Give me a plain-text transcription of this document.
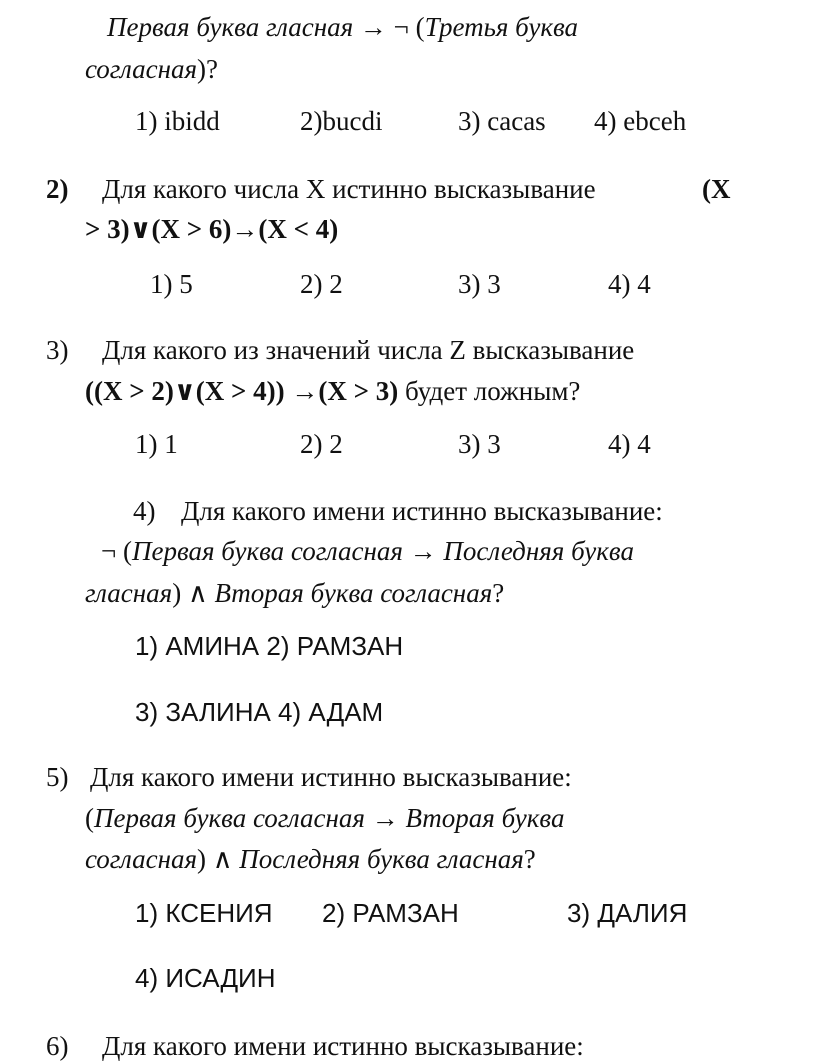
Первая буква гласная → ¬ (Третья буква
согласная)?
1) ibidd	2)bucdi	3) cacas 4) ebceh
2) Для какого числа X истинно высказывание	(X
> 3)∨(X > 6)→(X < 4)
1) 5	2) 2	3) 3	4) 4
3) Для какого из значений числа Z высказывание
((X > 2)∨(X > 4)) →(X > 3) будет ложным?
1) 1	2) 2	3) 3	4) 4
4) Для какого имени истинно высказывание:
¬ (Первая буква согласная → Последняя буква
гласная) ∧ Вторая буква согласная?
1) АМИНА 2) РАМЗАН
3) ЗАЛИНА 4) АДАМ
5) Для какого имени истинно высказывание:
(Первая буква согласная → Вторая буква
согласная) ∧ Последняя буква гласная?
1) КСЕНИЯ 2) РАМЗАН	3) ДАЛИЯ
4) ИСАДИН
6) Для какого имени истинно высказывание:
